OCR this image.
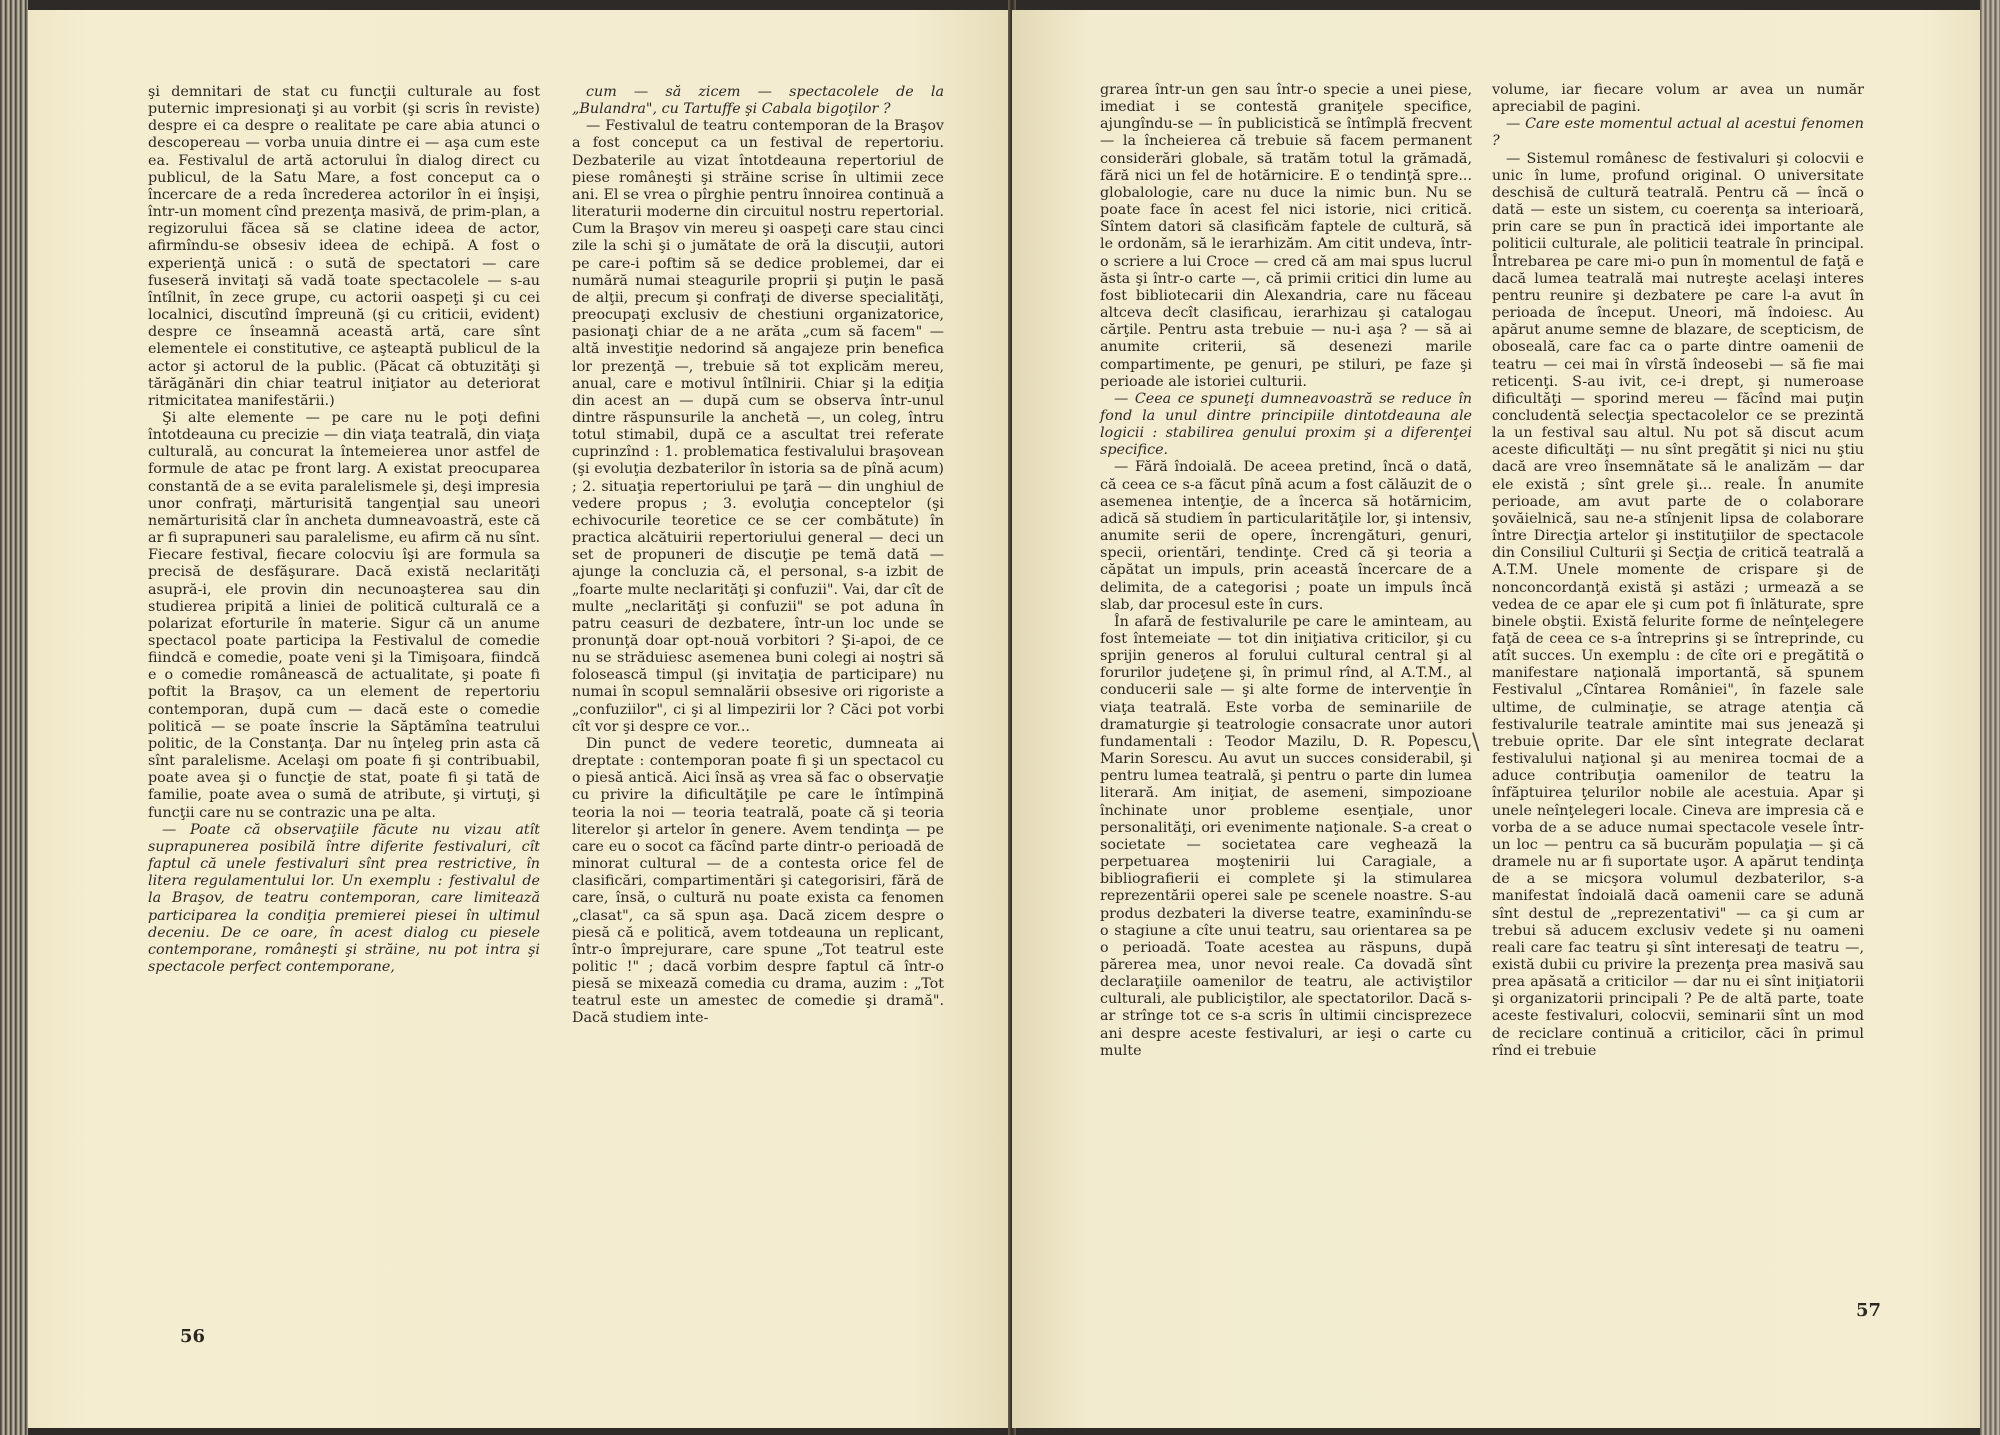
şi demnitari de stat cu funcţii culturale au fost puternic impresionaţi şi au vorbit (şi scris în reviste) despre ei ca despre o realitate pe care abia atunci o descopereau — vorba unuia dintre ei — aşa cum este ea. Festivalul de artă actorului în dialog direct cu publicul, de la Satu Mare, a fost conceput ca o încercare de a reda încrederea actorilor în ei înşişi, într-un moment cînd prezenţa masivă, de prim-plan, a regizorului făcea să se clatine ideea de actor, afirmîndu-se obsesiv ideea de echipă. A fost o experienţă unică : o sută de spectatori — care fuseseră invitaţi să vadă toate spectacolele — s-au întîlnit, în zece grupe, cu actorii oaspeţi şi cu cei localnici, discutînd împreună (şi cu criticii, evident) despre ce înseamnă această artă, care sînt elementele ei constitutive, ce aşteaptă publicul de la actor şi actorul de la public. (Păcat că obtuzităţi şi tărăgănări din chiar teatrul iniţiator au deteriorat ritmicitatea manifestării.)

Şi alte elemente — pe care nu le poţi defini întotdeauna cu precizie — din viaţa teatrală, din viaţa culturală, au concurat la întemeierea unor astfel de formule de atac pe front larg. A existat preocuparea constantă de a se evita paralelismele şi, deşi impresia unor confraţi, mărturisită tangenţial sau uneori nemărturisită clar în ancheta dumneavoastră, este că ar fi suprapuneri sau paralelisme, eu afirm că nu sînt. Fiecare festival, fiecare colocviu îşi are formula sa precisă de desfăşurare. Dacă există neclarităţi asupră-i, ele provin din necunoaşterea sau din studierea pripită a liniei de politică culturală ce a polarizat eforturile în materie. Sigur că un anume spectacol poate participa la Festivalul de comedie fiindcă e comedie, poate veni şi la Timişoara, fiindcă e o comedie românească de actualitate, şi poate fi poftit la Braşov, ca un element de repertoriu contemporan, după cum — dacă este o comedie politică — se poate înscrie la Săptămîna teatrului politic, de la Constanţa. Dar nu înţeleg prin asta că sînt paralelisme. Acelaşi om poate fi şi contribuabil, poate avea şi o funcţie de stat, poate fi şi tată de familie, poate avea o sumă de atribute, şi virtuţi, şi funcţii care nu se contrazic una pe alta.

— Poate că observaţiile făcute nu vizau atît suprapunerea posibilă între diferite festivaluri, cît faptul că unele festivaluri sînt prea restrictive, în litera regulamentului lor. Un exemplu : festivalul de la Braşov, de teatru contemporan, care limitează participarea la condiţia premierei piesei în ultimul deceniu. De ce oare, în acest dialog cu piesele contemporane, româneşti şi străine, nu pot intra şi spectacole perfect contemporane,

cum — să zicem — spectacolele de la „Bulandra", cu Tartuffe şi Cabala bigoţilor ?

— Festivalul de teatru contemporan de la Braşov a fost conceput ca un festival de repertoriu. Dezbaterile au vizat întotdeauna repertoriul de piese româneşti şi străine scrise în ultimii zece ani. El se vrea o pîrghie pentru înnoirea continuă a literaturii moderne din circuitul nostru repertorial. Cum la Braşov vin mereu şi oaspeţi care stau cinci zile la schi şi o jumătate de oră la discuţii, autori pe care-i poftim să se dedice problemei, dar ei numără numai steagurile proprii şi puţin le pasă de alţii, precum şi confraţi de diverse specialităţi, preocupaţi exclusiv de chestiuni organizatorice, pasionaţi chiar de a ne arăta „cum să facem" — altă investiţie nedorind să angajeze prin benefica lor prezenţă —, trebuie să tot explicăm mereu, anual, care e motivul întîlnirii. Chiar şi la ediţia din acest an — după cum se observa într-unul dintre răspunsurile la anchetă —, un coleg, întru totul stimabil, după ce a ascultat trei referate cuprinzînd : 1. problematica festivalului braşovean (şi evoluţia dezbaterilor în istoria sa de pînă acum) ; 2. situaţia repertoriului pe ţară — din unghiul de vedere propus ; 3. evoluţia conceptelor (şi echivocurile teoretice ce se cer combătute) în practica alcătuirii repertoriului general — deci un set de propuneri de discuţie pe temă dată — ajunge la concluzia că, el personal, s-a izbit de „foarte multe neclarităţi şi confuzii". Vai, dar cît de multe „neclarităţi şi confuzii" se pot aduna în patru ceasuri de dezbatere, într-un loc unde se pronunţă doar opt-nouă vorbitori ? Şi-apoi, de ce nu se străduiesc asemenea buni colegi ai noştri să folosească timpul (şi invitaţia de participare) nu numai în scopul semnalării obsesive ori rigoriste a „confuziilor", ci şi al limpezirii lor ? Căci pot vorbi cît vor şi despre ce vor...

Din punct de vedere teoretic, dumneata ai dreptate : contemporan poate fi şi un spectacol cu o piesă antică. Aici însă aş vrea să fac o observaţie cu privire la dificultăţile pe care le întîmpină teoria la noi — teoria teatrală, poate că şi teoria literelor şi artelor în genere. Avem tendinţa — pe care eu o socot ca făcînd parte dintr-o perioadă de minorat cultural — de a contesta orice fel de clasificări, compartimentări şi categorisiri, fără de care, însă, o cultură nu poate exista ca fenomen „clasat", ca să spun aşa. Dacă zicem despre o piesă că e politică, avem totdeauna un replicant, într-o împrejurare, care spune „Tot teatrul este politic !" ; dacă vorbim despre faptul că într-o piesă se mixează comedia cu drama, auzim : „Tot teatrul este un amestec de comedie şi dramă". Dacă studiem inte-

grarea într-un gen sau într-o specie a unei piese, imediat i se contestă graniţele specifice, ajungîndu-se — în publicistică se întîmplă frecvent — la încheierea că trebuie să facem permanent considerări globale, să tratăm totul la grămadă, fără nici un fel de hotărnicire. E o tendinţă spre... globalologie, care nu duce la nimic bun. Nu se poate face în acest fel nici istorie, nici critică. Sîntem datori să clasificăm faptele de cultură, să le ordonăm, să le ierarhizăm. Am citit undeva, într-o scriere a lui Croce — cred că am mai spus lucrul ăsta şi într-o carte —, că primii critici din lume au fost bibliotecarii din Alexandria, care nu făceau altceva decît clasificau, ierarhizau şi catalogau cărţile. Pentru asta trebuie — nu-i aşa ? — să ai anumite criterii, să desenezi marile compartimente, pe genuri, pe stiluri, pe faze şi perioade ale istoriei culturii.

— Ceea ce spuneţi dumneavoastră se reduce în fond la unul dintre principiile dintotdeauna ale logicii : stabilirea genului proxim şi a diferenţei specifice.

— Fără îndoială. De aceea pretind, încă o dată, că ceea ce s-a făcut pînă acum a fost călăuzit de o asemenea intenţie, de a încerca să hotărnicim, adică să studiem în particularităţile lor, şi intensiv, anumite serii de opere, încrengături, genuri, specii, orientări, tendinţe. Cred că şi teoria a căpătat un impuls, prin această încercare de a delimita, de a categorisi ; poate un impuls încă slab, dar procesul este în curs.

În afară de festivalurile pe care le aminteam, au fost întemeiate — tot din iniţiativa criticilor, şi cu sprijin generos al forului cultural central şi al forurilor judeţene şi, în primul rînd, al A.T.M., al conducerii sale — şi alte forme de intervenţie în viaţa teatrală. Este vorba de seminariile de dramaturgie şi teatrologie consacrate unor autori fundamentali : Teodor Mazilu, D. R. Popescu, Marin Sorescu. Au avut un succes considerabil, şi pentru lumea teatrală, şi pentru o parte din lumea literară. Am iniţiat, de asemeni, simpozioane închinate unor probleme esenţiale, unor personalităţi, ori evenimente naţionale. S-a creat o societate — societatea care veghează la perpetuarea moştenirii lui Caragiale, a bibliografierii ei complete şi la stimularea reprezentării operei sale pe scenele noastre. S-au produs dezbateri la diverse teatre, examinîndu-se o stagiune a cîte unui teatru, sau orientarea sa pe o perioadă. Toate acestea au răspuns, după părerea mea, unor nevoi reale. Ca dovadă sînt declaraţiile oamenilor de teatru, ale activiştilor culturali, ale publiciştilor, ale spectatorilor. Dacă s-ar strînge tot ce s-a scris în ultimii cincisprezece ani despre aceste festivaluri, ar ieşi o carte cu multe

volume, iar fiecare volum ar avea un număr apreciabil de pagini.

— Care este momentul actual al acestui fenomen ?

— Sistemul românesc de festivaluri şi colocvii e unic în lume, profund original. O universitate deschisă de cultură teatrală. Pentru că — încă o dată — este un sistem, cu coerenţa sa interioară, prin care se pun în practică idei importante ale politicii culturale, ale politicii teatrale în principal. Întrebarea pe care mi-o pun în momentul de faţă e dacă lumea teatrală mai nutreşte acelaşi interes pentru reunire şi dezbatere pe care l-a avut în perioada de început. Uneori, mă îndoiesc. Au apărut anume semne de blazare, de scepticism, de oboseală, care fac ca o parte dintre oamenii de teatru — cei mai în vîrstă îndeosebi — să fie mai reticenţi. S-au ivit, ce-i drept, şi numeroase dificultăţi — sporind mereu — făcînd mai puţin concludentă selecţia spectacolelor ce se prezintă la un festival sau altul. Nu pot să discut acum aceste dificultăţi — nu sînt pregătit şi nici nu ştiu dacă are vreo însemnătate să le analizăm — dar ele există ; sînt grele şi... reale. În anumite perioade, am avut parte de o colaborare şovăielnică, sau ne-a stînjenit lipsa de colaborare între Direcţia artelor şi instituţiilor de spectacole din Consiliul Culturii şi Secţia de critică teatrală a A.T.M. Unele momente de crispare şi de nonconcordanţă există şi astăzi ; urmează a se vedea de ce apar ele şi cum pot fi înlăturate, spre binele obştii. Există felurite forme de neînţelegere faţă de ceea ce s-a întreprins şi se întreprinde, cu atît succes. Un exemplu : de cîte ori e pregătită o manifestare naţională importantă, să spunem Festivalul „Cîntarea României", în fazele sale ultime, de culminaţie, se atrage atenţia că festivalurile teatrale amintite mai sus jenează şi trebuie oprite. Dar ele sînt integrate declarat festivalului naţional şi au menirea tocmai de a aduce contribuţia oamenilor de teatru la înfăptuirea ţelurilor nobile ale acestuia. Apar şi unele neînţelegeri locale. Cineva are impresia că e vorba de a se aduce numai spectacole vesele într-un loc — pentru ca să bucurăm populaţia — şi că dramele nu ar fi suportate uşor. A apărut tendinţa de a se micşora volumul dezbaterilor, s-a manifestat îndoială dacă oamenii care se adună sînt destul de „reprezentativi" — ca şi cum ar trebui să aducem exclusiv vedete şi nu oameni reali care fac teatru şi sînt interesaţi de teatru —, există dubii cu privire la prezenţa prea masivă sau prea apăsată a criticilor — dar nu ei sînt iniţiatorii şi organizatorii principali ? Pe de altă parte, toate aceste festivaluri, colocvii, seminarii sînt un mod de reciclare continuă a criticilor, căci în primul rînd ei trebuie

\
56
57
